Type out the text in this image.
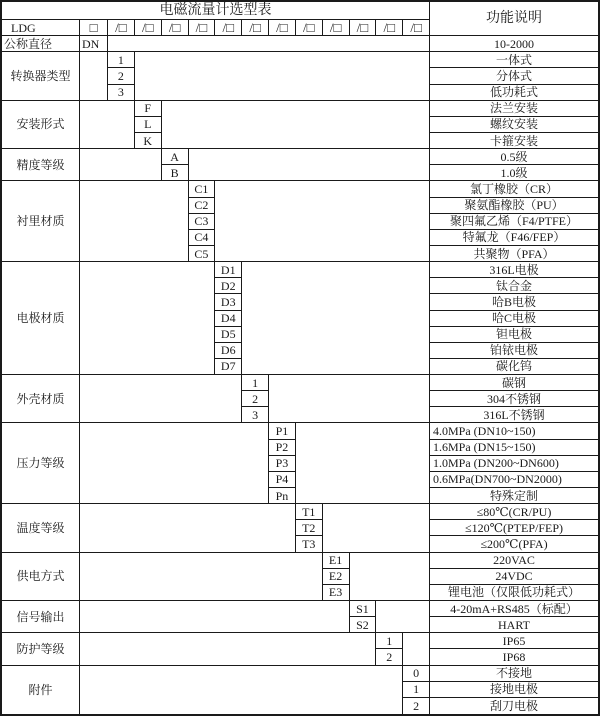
电磁流量计选型表
功能说明
LDG	□	/□	/□	/□	/□	/□	/□	/□	/□	/□	/□	/□	/□
公称直径	DN	10-2000
转换器类型
1	一体式
2	分体式
3	低功耗式
安装形式
F	法兰安装
L	螺纹安装
K	卡箍安装
精度等级
A	0.5级
B	1.0级
衬里材质
C1	氯丁橡胶（CR）
C2	聚氨酯橡胶（PU）
C3	聚四氟乙烯（F4/PTFE）
C4	特氟龙（F46/FEP）
C5	共聚物（PFA）
电极材质
D1	316L电极
D2	钛合金
D3	哈B电极
D4	哈C电极
D5	钽电极
D6	铂铱电极
D7	碳化钨
外壳材质
1	碳钢
2	304不锈钢
3	316L不锈钢
压力等级
P1	4.0MPa (DN10~150)
P2	1.6MPa (DN15~150)
P3	1.0MPa (DN200~DN600)
P4	0.6MPa(DN700~DN2000)
Pn	特殊定制
温度等级
T1	≤80℃(CR/PU)
T2	≤120℃(PTEP/FEP)
T3	≤200℃(PFA)
供电方式
E1	220VAC
E2	24VDC
E3	锂电池（仅限低功耗式）
信号输出
S1	4-20mA+RS485（标配）
S2	HART
防护等级
1	IP65
2	IP68
附件
0	不接地
1	接地电极
2	刮刀电极
